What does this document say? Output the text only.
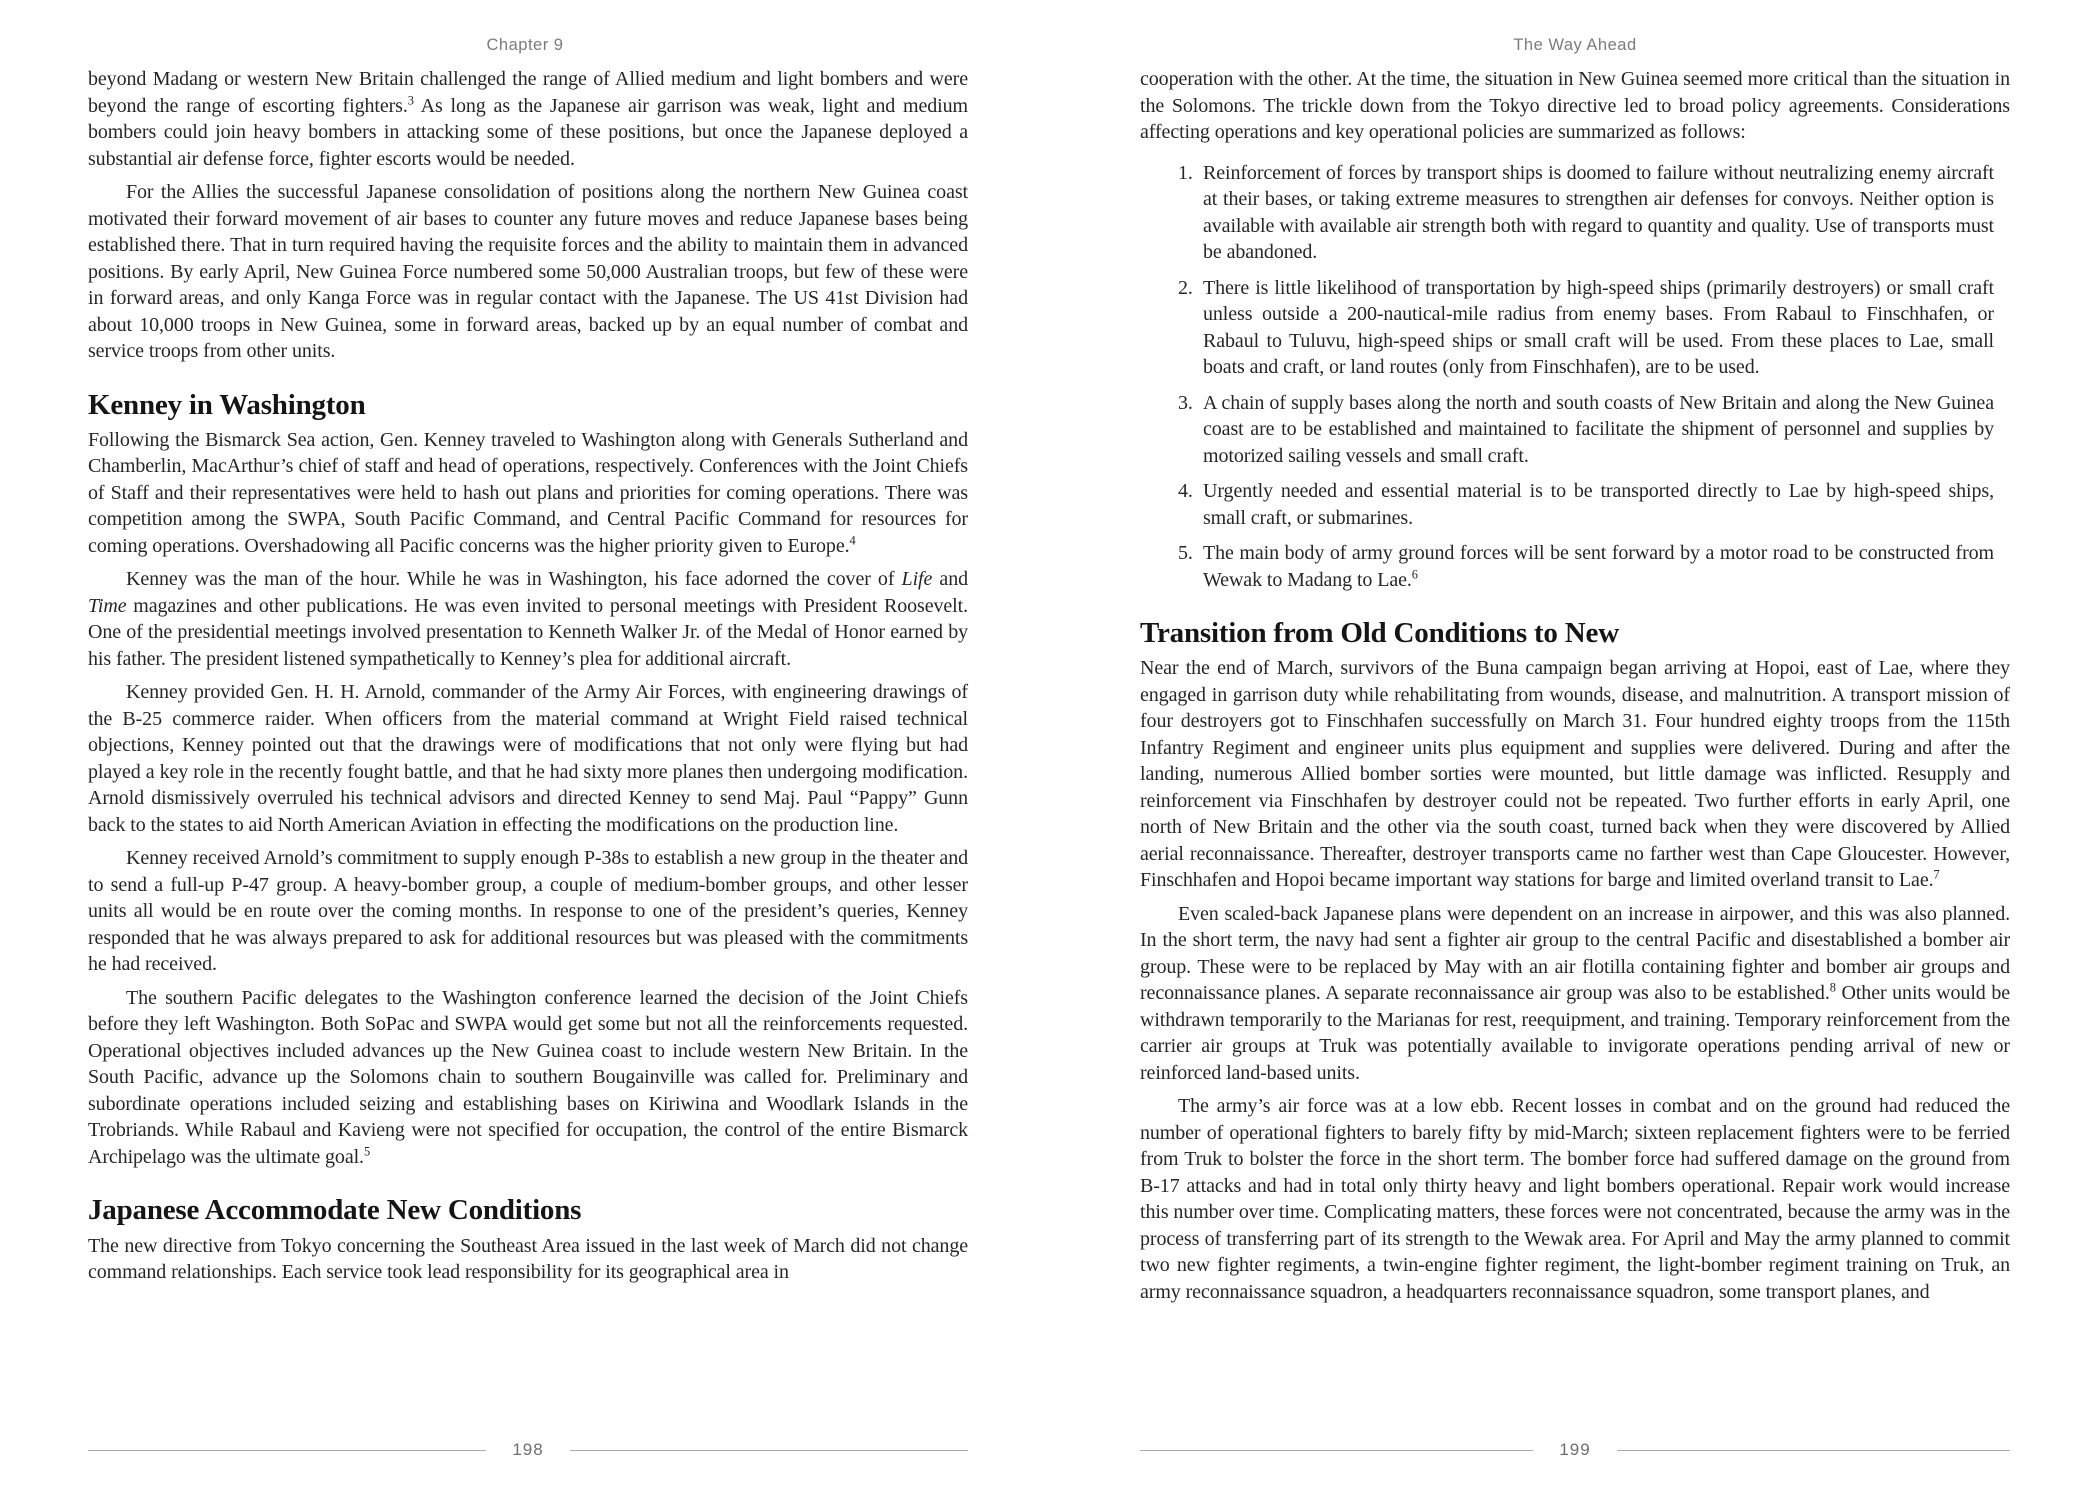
Chapter 9

beyond Madang or western New Britain challenged the range of Allied medium and light bombers and were beyond the range of escorting fighters.$^3$ As long as the Japanese air garrison was weak, light and medium bombers could join heavy bombers in attacking some of these positions, but once the Japanese deployed a substantial air defense force, fighter escorts would be needed.

For the Allies the successful Japanese consolidation of positions along the northern New Guinea coast motivated their forward movement of air bases to counter any future moves and reduce Japanese bases being established there. That in turn required having the requisite forces and the ability to maintain them in advanced positions. By early April, New Guinea Force numbered some 50,000 Australian troops, but few of these were in forward areas, and only Kanga Force was in regular contact with the Japanese. The US 41st Division had about 10,000 troops in New Guinea, some in forward areas, backed up by an equal number of combat and service troops from other units.

Kenney in Washington

Following the Bismarck Sea action, Gen. Kenney traveled to Washington along with Generals Sutherland and Chamberlin, MacArthur’s chief of staff and head of operations, respectively. Conferences with the Joint Chiefs of Staff and their representatives were held to hash out plans and priorities for coming operations. There was competition among the SWPA, South Pacific Command, and Central Pacific Command for resources for coming operations. Overshadowing all Pacific concerns was the higher priority given to Europe.$^4$

Kenney was the man of the hour. While he was in Washington, his face adorned the cover of Life and Time magazines and other publications. He was even invited to personal meetings with President Roosevelt. One of the presidential meetings involved presentation to Kenneth Walker Jr. of the Medal of Honor earned by his father. The president listened sympathetically to Kenney’s plea for additional aircraft.

Kenney provided Gen. H. H. Arnold, commander of the Army Air Forces, with engineering drawings of the B-25 commerce raider. When officers from the material command at Wright Field raised technical objections, Kenney pointed out that the drawings were of modifications that not only were flying but had played a key role in the recently fought battle, and that he had sixty more planes then undergoing modification. Arnold dismissively overruled his technical advisors and directed Kenney to send Maj. Paul “Pappy” Gunn back to the states to aid North American Aviation in effecting the modifications on the production line.

Kenney received Arnold’s commitment to supply enough P-38s to establish a new group in the theater and to send a full-up P-47 group. A heavy-bomber group, a couple of medium-bomber groups, and other lesser units all would be en route over the coming months. In response to one of the president’s queries, Kenney responded that he was always prepared to ask for additional resources but was pleased with the commitments he had received.

The southern Pacific delegates to the Washington conference learned the decision of the Joint Chiefs before they left Washington. Both SoPac and SWPA would get some but not all the reinforcements requested. Operational objectives included advances up the New Guinea coast to include western New Britain. In the South Pacific, advance up the Solomons chain to southern Bougainville was called for. Preliminary and subordinate operations included seizing and establishing bases on Kiriwina and Woodlark Islands in the Trobriands. While Rabaul and Kavieng were not specified for occupation, the control of the entire Bismarck Archipelago was the ultimate goal.$^5$

Japanese Accommodate New Conditions

The new directive from Tokyo concerning the Southeast Area issued in the last week of March did not change command relationships. Each service took lead responsibility for its geographical area in

198
The Way Ahead

cooperation with the other. At the time, the situation in New Guinea seemed more critical than the situation in the Solomons. The trickle down from the Tokyo directive led to broad policy agreements. Considerations affecting operations and key operational policies are summarized as follows:

Reinforcement of forces by transport ships is doomed to failure without neutralizing enemy aircraft at their bases, or taking extreme measures to strengthen air defenses for convoys. Neither option is available with available air strength both with regard to quantity and quality. Use of transports must be abandoned.
There is little likelihood of transportation by high-speed ships (primarily destroyers) or small craft unless outside a 200-nautical-mile radius from enemy bases. From Rabaul to Finschhafen, or Rabaul to Tuluvu, high-speed ships or small craft will be used. From these places to Lae, small boats and craft, or land routes (only from Finschhafen), are to be used.
A chain of supply bases along the north and south coasts of New Britain and along the New Guinea coast are to be established and maintained to facilitate the shipment of personnel and supplies by motorized sailing vessels and small craft.
Urgently needed and essential material is to be transported directly to Lae by high-speed ships, small craft, or submarines.
The main body of army ground forces will be sent forward by a motor road to be constructed from Wewak to Madang to Lae.$^6$
Transition from Old Conditions to New

Near the end of March, survivors of the Buna campaign began arriving at Hopoi, east of Lae, where they engaged in garrison duty while rehabilitating from wounds, disease, and malnutrition. A transport mission of four destroyers got to Finschhafen successfully on March 31. Four hundred eighty troops from the 115th Infantry Regiment and engineer units plus equipment and supplies were delivered. During and after the landing, numerous Allied bomber sorties were mounted, but little damage was inflicted. Resupply and reinforcement via Finschhafen by destroyer could not be repeated. Two further efforts in early April, one north of New Britain and the other via the south coast, turned back when they were discovered by Allied aerial reconnaissance. Thereafter, destroyer transports came no farther west than Cape Gloucester. However, Finschhafen and Hopoi became important way stations for barge and limited overland transit to Lae.$^7$

Even scaled-back Japanese plans were dependent on an increase in airpower, and this was also planned. In the short term, the navy had sent a fighter air group to the central Pacific and disestablished a bomber air group. These were to be replaced by May with an air flotilla containing fighter and bomber air groups and reconnaissance planes. A separate reconnaissance air group was also to be established.$^8$ Other units would be withdrawn temporarily to the Marianas for rest, reequipment, and training. Temporary reinforcement from the carrier air groups at Truk was potentially available to invigorate operations pending arrival of new or reinforced land-based units.

The army’s air force was at a low ebb. Recent losses in combat and on the ground had reduced the number of operational fighters to barely fifty by mid-March; sixteen replacement fighters were to be ferried from Truk to bolster the force in the short term. The bomber force had suffered damage on the ground from B-17 attacks and had in total only thirty heavy and light bombers operational. Repair work would increase this number over time. Complicating matters, these forces were not concentrated, because the army was in the process of transferring part of its strength to the Wewak area. For April and May the army planned to commit two new fighter regiments, a twin-engine fighter regiment, the light-bomber regiment training on Truk, an army reconnaissance squadron, a headquarters reconnaissance squadron, some transport planes, and

199
